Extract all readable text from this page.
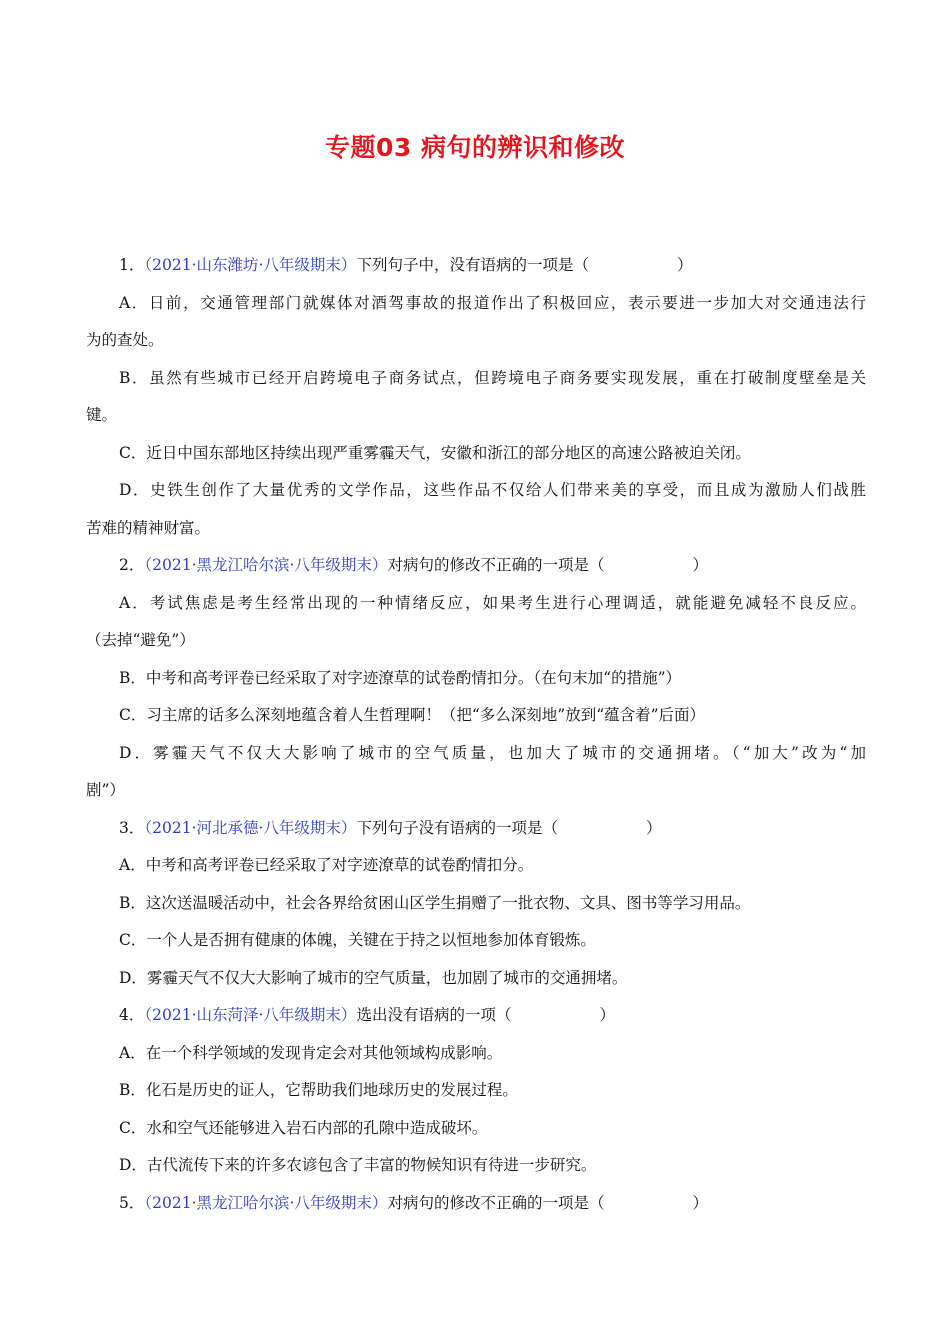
专题03 病句的辨识和修改
1．（2021·山东潍坊·八年级期末）下列句子中，没有语病的一项是（	）
A．日前，交通管理部门就媒体对酒驾事故的报道作出了积极回应，表示要进一步加大对交通违法行
为的查处。
B．虽然有些城市已经开启跨境电子商务试点，但跨境电子商务要实现发展，重在打破制度壁垒是关
键。
C．近日中国东部地区持续出现严重雾霾天气，安徽和浙江的部分地区的高速公路被迫关闭。
D．史铁生创作了大量优秀的文学作品，这些作品不仅给人们带来美的享受，而且成为激励人们战胜
苦难的精神财富。
2．（2021·黑龙江哈尔滨·八年级期末）对病句的修改不正确的一项是（	）
A．考试焦虑是考生经常出现的一种情绪反应，如果考生进行心理调适，就能避免减轻不良反应。
（去掉“避免”）
B．中考和高考评卷已经采取了对字迹潦草的试卷酌情扣分。（在句末加“的措施”）
C．习主席的话多么深刻地蕴含着人生哲理啊！（把“多么深刻地”放到“蕴含着”后面）
D．雾霾天气不仅大大影响了城市的空气质量，也加大了城市的交通拥堵。（“加大”改为“加
剧”）
3．（2021·河北承德·八年级期末）下列句子没有语病的一项是（	）
A．中考和高考评卷已经采取了对字迹潦草的试卷酌情扣分。
B．这次送温暖活动中，社会各界给贫困山区学生捐赠了一批衣物、文具、图书等学习用品。
C．一个人是否拥有健康的体魄，关键在于持之以恒地参加体育锻炼。
D．雾霾天气不仅大大影响了城市的空气质量，也加剧了城市的交通拥堵。
4．（2021·山东菏泽·八年级期末）选出没有语病的一项（	）
A．在一个科学领域的发现肯定会对其他领域构成影响。
B．化石是历史的证人，它帮助我们地球历史的发展过程。
C．水和空气还能够进入岩石内部的孔隙中造成破坏。
D．古代流传下来的许多农谚包含了丰富的物候知识有待进一步研究。
5．（2021·黑龙江哈尔滨·八年级期末）对病句的修改不正确的一项是（	）
